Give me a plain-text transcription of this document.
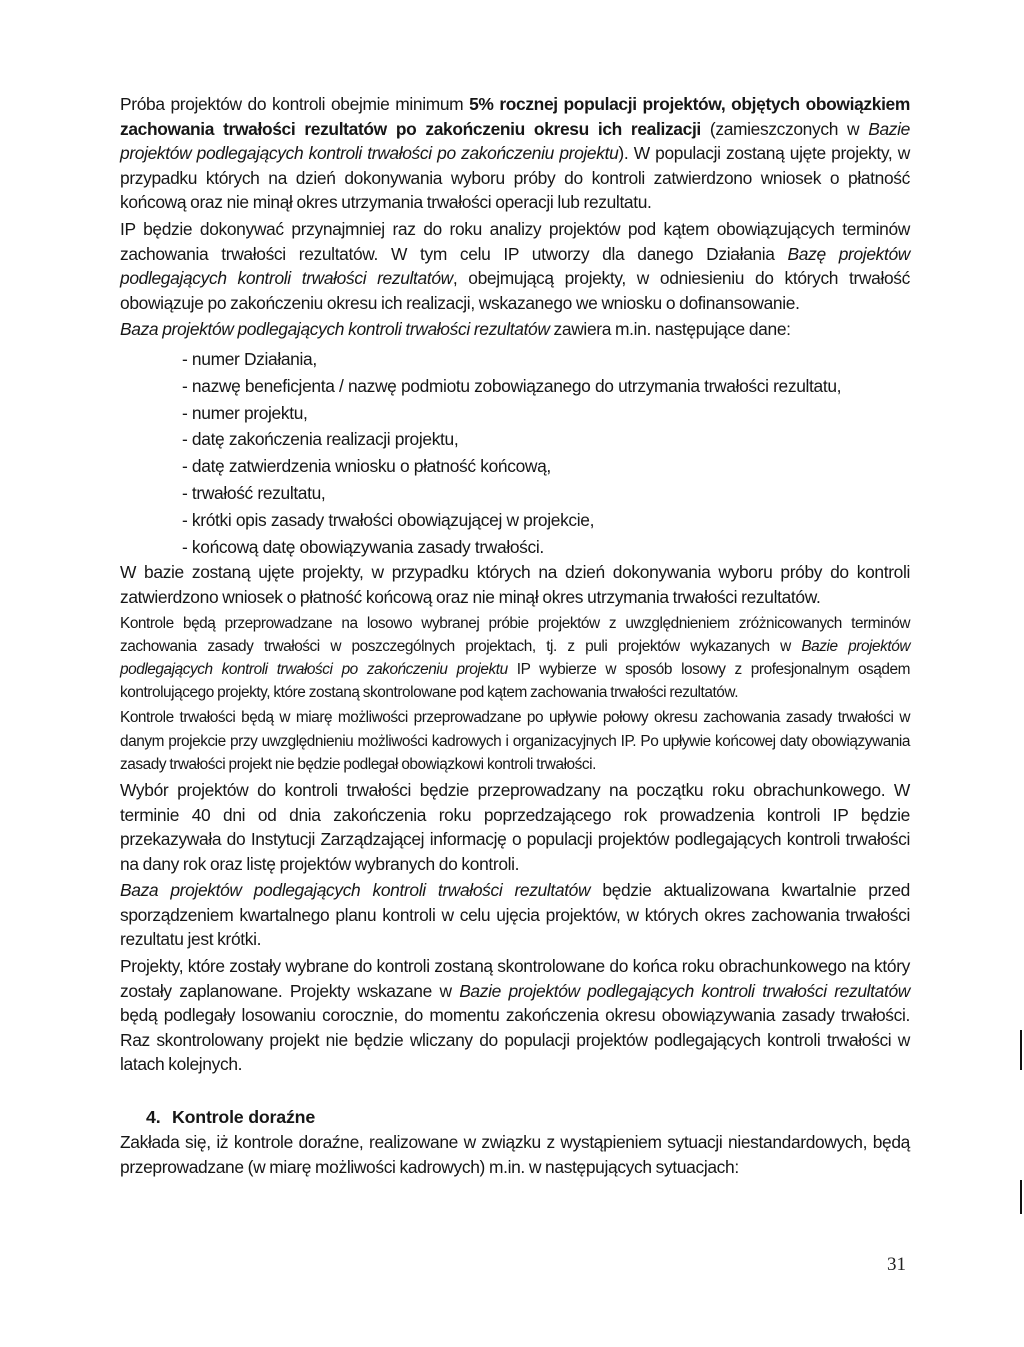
Próba projektów do kontroli obejmie minimum 5% rocznej populacji projektów, objętych obowiązkiem zachowania trwałości rezultatów po zakończeniu okresu ich realizacji (zamieszczonych w Bazie projektów podlegających kontroli trwałości po zakończeniu projektu). W populacji zostaną ujęte projekty, w przypadku których na dzień dokonywania wyboru próby do kontroli zatwierdzono wniosek o płatność końcową oraz nie minął okres utrzymania trwałości operacji lub rezultatu.

IP będzie dokonywać przynajmniej raz do roku analizy projektów pod kątem obowiązujących terminów zachowania trwałości rezultatów. W tym celu IP utworzy dla danego Działania Bazę projektów podlegających kontroli trwałości rezultatów, obejmującą projekty, w odniesieniu do których trwałość obowiązuje po zakończeniu okresu ich realizacji, wskazanego we wniosku o dofinansowanie.

Baza projektów podlegających kontroli trwałości rezultatów zawiera m.in. następujące dane:

- numer Działania,
- nazwę beneficjenta / nazwę podmiotu zobowiązanego do utrzymania trwałości rezultatu,
- numer projektu,
- datę zakończenia realizacji projektu,
- datę zatwierdzenia wniosku o płatność końcową,
- trwałość rezultatu,
- krótki opis zasady trwałości obowiązującej w projekcie,
- końcową datę obowiązywania zasady trwałości.

W bazie zostaną ujęte projekty, w przypadku których na dzień dokonywania wyboru próby do kontroli zatwierdzono wniosek o płatność końcową oraz nie minął okres utrzymania trwałości rezultatów.

Kontrole będą przeprowadzane na losowo wybranej próbie projektów z uwzględnieniem zróżnicowanych terminów zachowania zasady trwałości w poszczególnych projektach, tj. z puli projektów wykazanych w Bazie projektów podlegających kontroli trwałości po zakończeniu projektu IP wybierze w sposób losowy z profesjonalnym osądem kontrolującego projekty, które zostaną skontrolowane pod kątem zachowania trwałości rezultatów.

Kontrole trwałości będą w miarę możliwości przeprowadzane po upływie połowy okresu zachowania zasady trwałości w danym projekcie przy uwzględnieniu możliwości kadrowych i organizacyjnych IP. Po upływie końcowej daty obowiązywania zasady trwałości projekt nie będzie podlegał obowiązkowi kontroli trwałości.

Wybór projektów do kontroli trwałości będzie przeprowadzany na początku roku obrachunkowego. W terminie 40 dni od dnia zakończenia roku poprzedzającego rok prowadzenia kontroli IP będzie przekazywała do Instytucji Zarządzającej informację o populacji projektów podlegających kontroli trwałości na dany rok oraz listę projektów wybranych do kontroli.

Baza projektów podlegających kontroli trwałości rezultatów będzie aktualizowana kwartalnie przed sporządzeniem kwartalnego planu kontroli w celu ujęcia projektów, w których okres zachowania trwałości rezultatu jest krótki.

Projekty, które zostały wybrane do kontroli zostaną skontrolowane do końca roku obrachunkowego na który zostały zaplanowane. Projekty wskazane w Bazie projektów podlegających kontroli trwałości rezultatów będą podlegały losowaniu corocznie, do momentu zakończenia okresu obowiązywania zasady trwałości. Raz skontrolowany projekt nie będzie wliczany do populacji projektów podlegających kontroli trwałości w latach kolejnych.

4. Kontrole doraźne

Zakłada się, iż kontrole doraźne, realizowane w związku z wystąpieniem sytuacji niestandardowych, będą przeprowadzane (w miarę możliwości kadrowych) m.in. w następujących sytuacjach:

31
